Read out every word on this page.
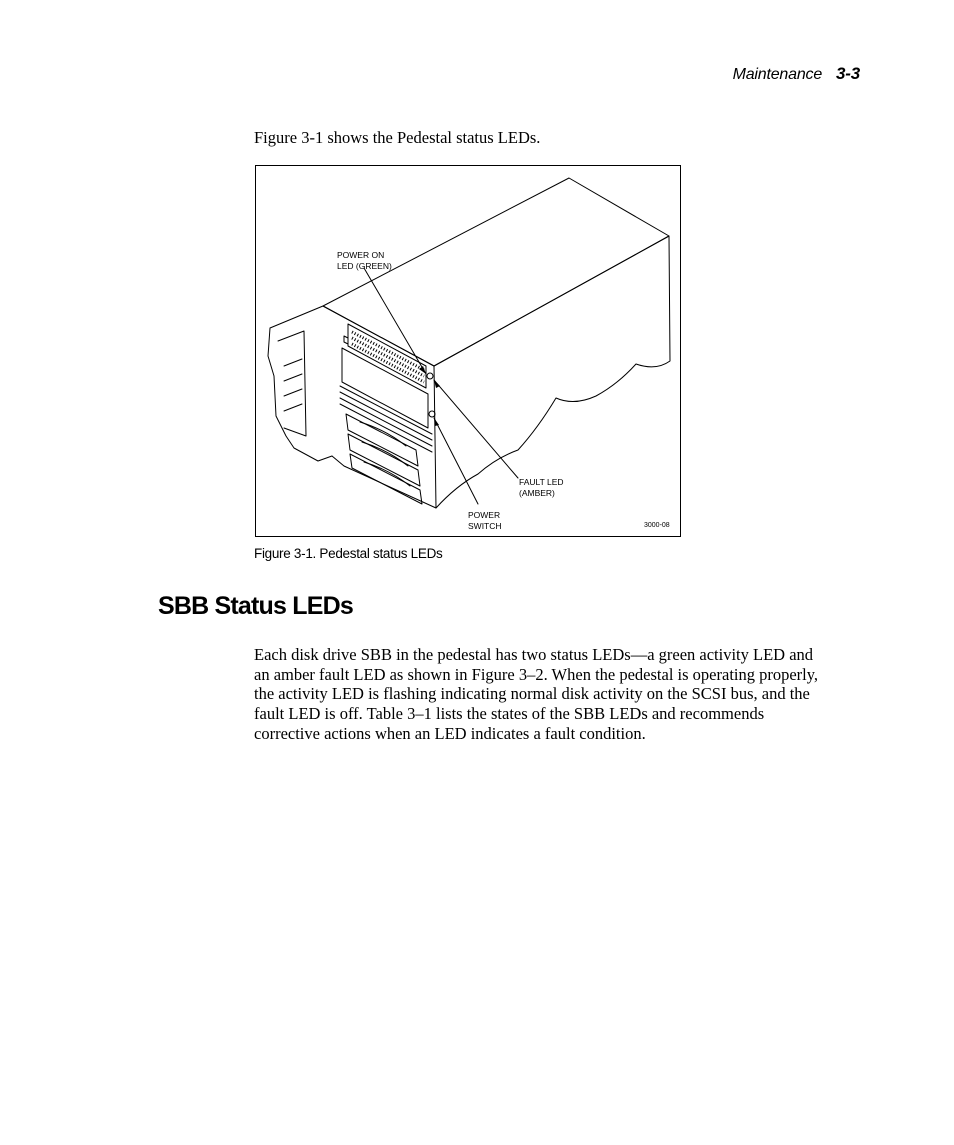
Maintenance 3-3

Figure 3-1 shows the Pedestal status LEDs.

POWER ON
LED (GREEN)
FAULT LED
(AMBER)
POWER
SWITCH	3000-08
Figure 3-1. Pedestal status LEDs
SBB Status LEDs

Each disk drive SBB in the pedestal has two status LEDs—a green activity LED and an amber fault LED as shown in Figure 3–2. When the pedestal is operating properly, the activity LED is flashing indicating normal disk activity on the SCSI bus, and the fault LED is off. Table 3–1 lists the states of the SBB LEDs and recommends corrective actions when an LED indicates a fault condition.
